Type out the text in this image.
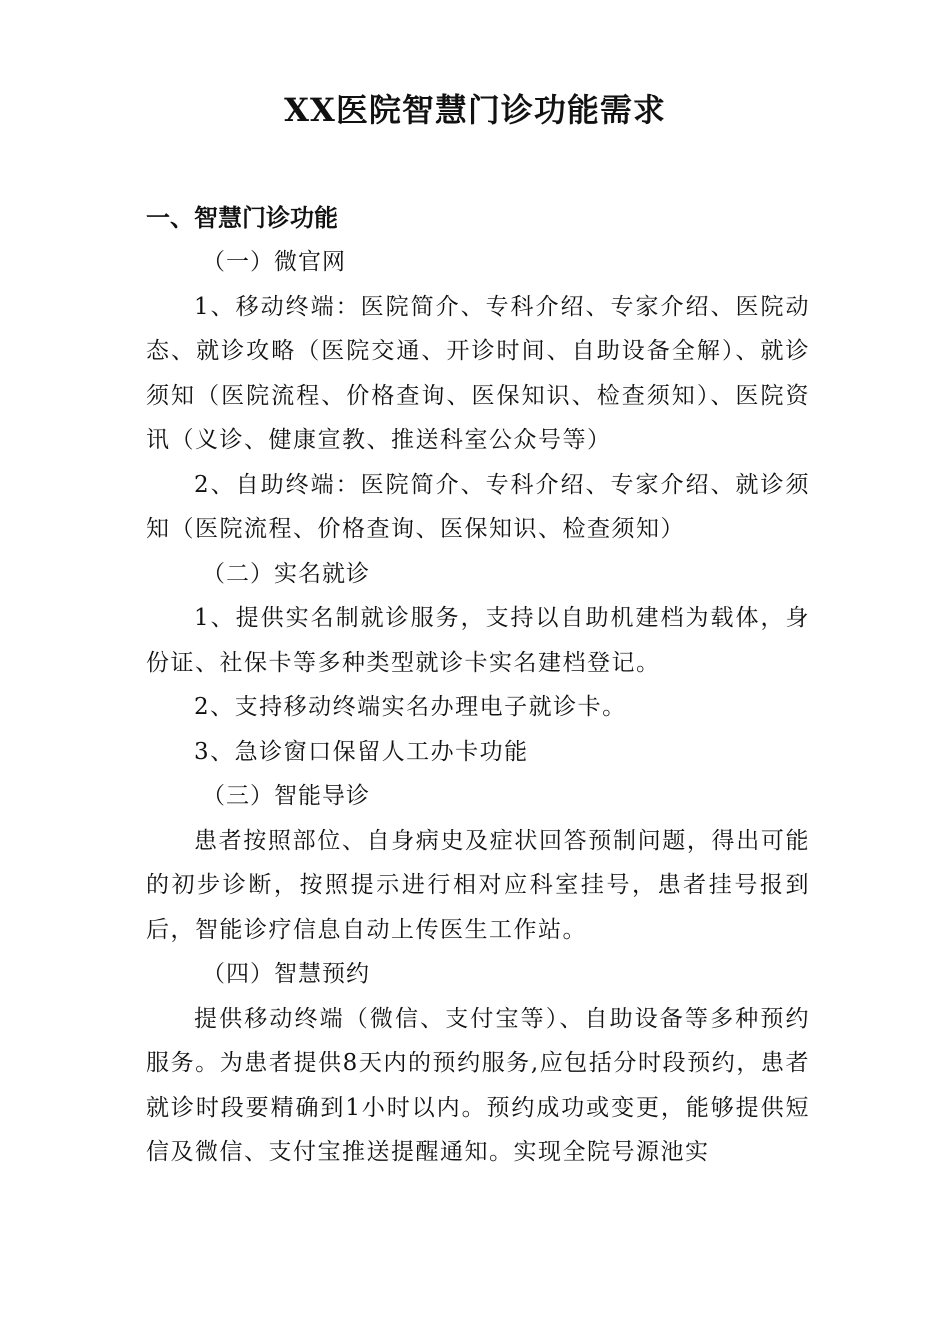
XX医院智慧门诊功能需求

一、智慧门诊功能

（一）微官网

1、移动终端：医院简介、专科介绍、专家介绍、医院动态、就诊攻略（医院交通、开诊时间、自助设备全解）、就诊须知（医院流程、价格查询、医保知识、检查须知）、医院资讯（义诊、健康宣教、推送科室公众号等）

2、自助终端：医院简介、专科介绍、专家介绍、就诊须知（医院流程、价格查询、医保知识、检查须知）

（二）实名就诊

1、提供实名制就诊服务，支持以自助机建档为载体，身份证、社保卡等多种类型就诊卡实名建档登记。

2、支持移动终端实名办理电子就诊卡。

3、急诊窗口保留人工办卡功能

（三）智能导诊

患者按照部位、自身病史及症状回答预制问题，得出可能的初步诊断，按照提示进行相对应科室挂号，患者挂号报到后，智能诊疗信息自动上传医生工作站。

（四）智慧预约

提供移动终端（微信、支付宝等）、自助设备等多种预约服务。为患者提供8天内的预约服务,应包括分时段预约，患者就诊时段要精确到1小时以内。预约成功或变更，能够提供短信及微信、支付宝推送提醒通知。实现全院号源池实
